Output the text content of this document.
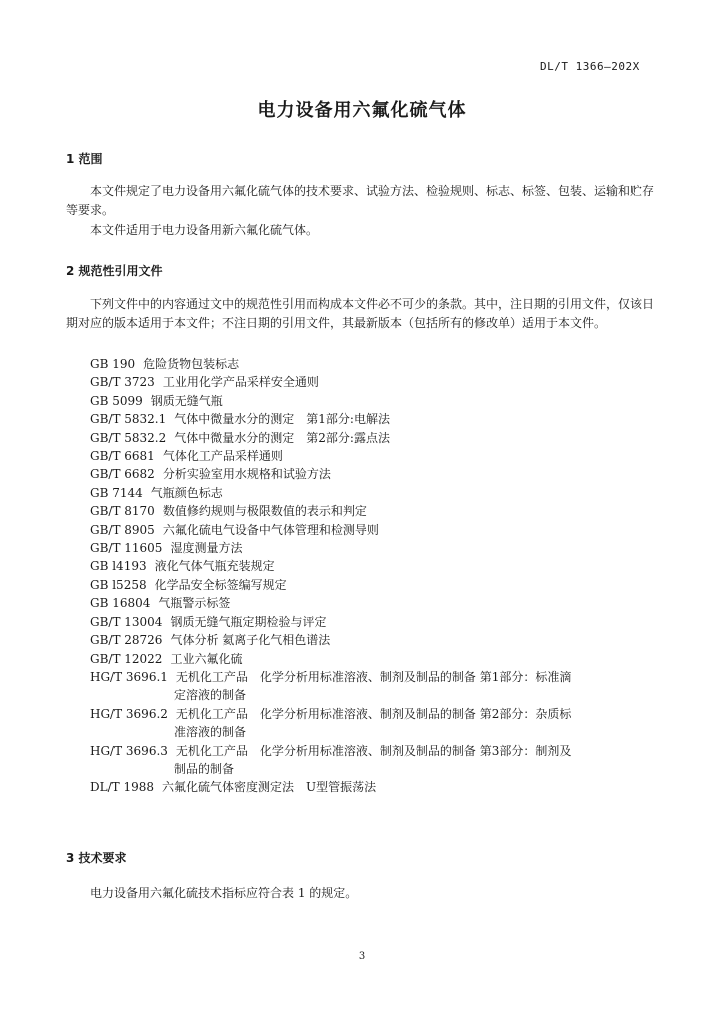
DL/T 1366—202X
电力设备用六氟化硫气体
1 范围

本文件规定了电力设备用六氟化硫气体的技术要求、试验方法、检验规则、标志、标签、包装、运输和贮存等要求。

本文件适用于电力设备用新六氟化硫气体。

2 规范性引用文件

下列文件中的内容通过文中的规范性引用而构成本文件必不可少的条款。其中，注日期的引用文件，仅该日期对应的版本适用于本文件；不注日期的引用文件，其最新版本（包括所有的修改单）适用于本文件。

GB 190 危险货物包装标志
GB/T 3723 工业用化学产品采样安全通则
GB 5099 钢质无缝气瓶
GB/T 5832.1 气体中微量水分的测定　第1部分:电解法
GB/T 5832.2 气体中微量水分的测定　第2部分:露点法
GB/T 6681 气体化工产品采样通则
GB/T 6682 分析实验室用水规格和试验方法
GB 7144 气瓶颜色标志
GB/T 8170 数值修约规则与极限数值的表示和判定
GB/T 8905 六氟化硫电气设备中气体管理和检测导则
GB/T 11605 湿度测量方法
GB l4193 液化气体气瓶充装规定
GB l5258 化学品安全标签编写规定
GB 16804 气瓶警示标签
GB/T 13004 钢质无缝气瓶定期检验与评定
GB/T 28726 气体分析 氦离子化气相色谱法
GB/T 12022 工业六氟化硫
HG/T 3696.1 无机化工产品　化学分析用标准溶液、制剂及制品的制备 第1部分：标准滴
定溶液的制备
HG/T 3696.2 无机化工产品　化学分析用标准溶液、制剂及制品的制备 第2部分：杂质标
准溶液的制备
HG/T 3696.3 无机化工产品　化学分析用标准溶液、制剂及制品的制备 第3部分：制剂及
制品的制备
DL/T 1988 六氟化硫气体密度测定法　U型管振荡法
3 技术要求

电力设备用六氟化硫技术指标应符合表 1 的规定。

3
